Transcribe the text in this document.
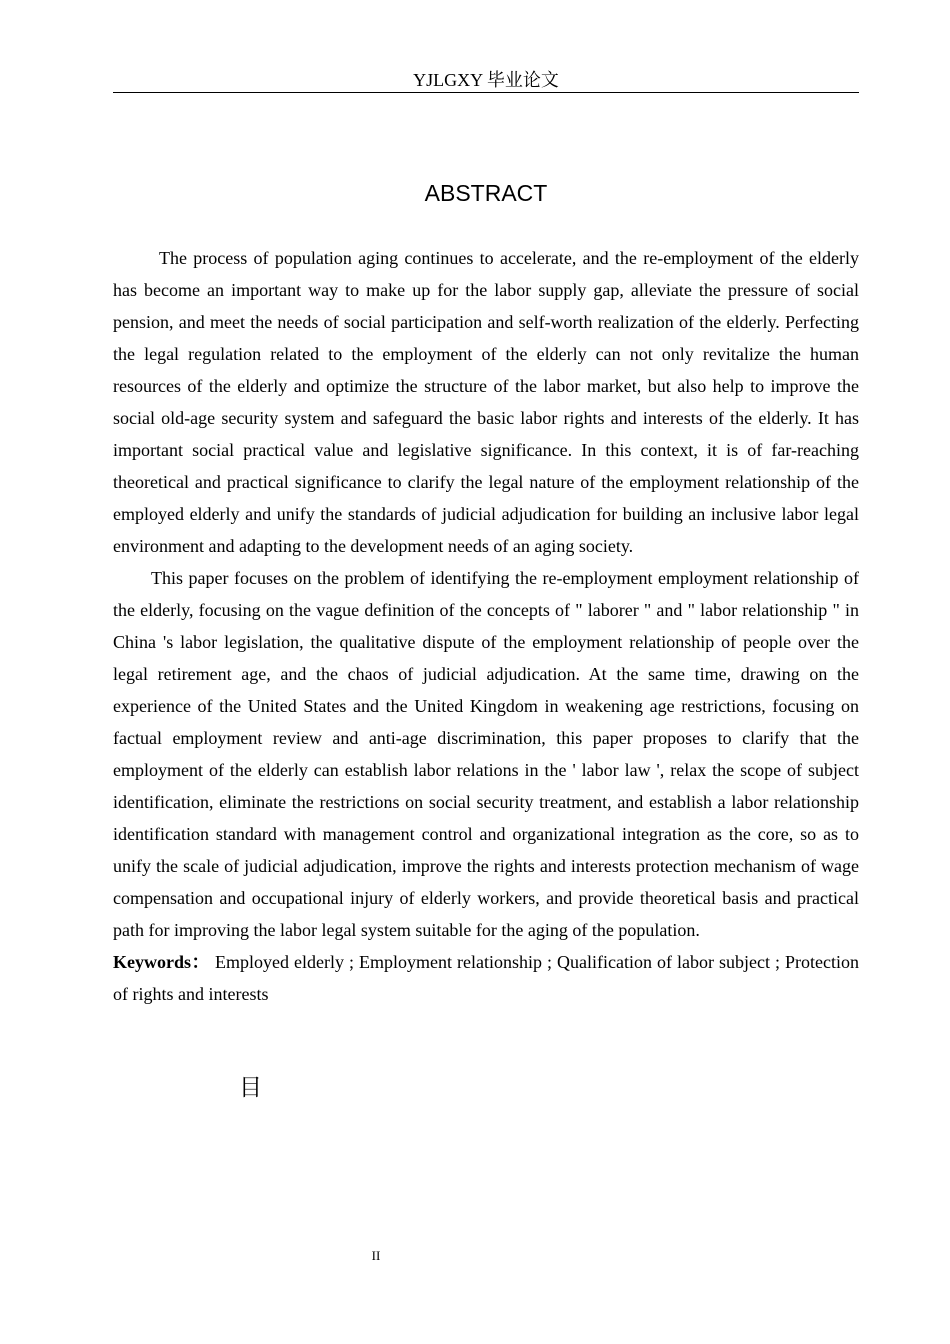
YJLGXY 毕业论文
ABSTRACT

The process of population aging continues to accelerate, and the re-employment of the elderly has become an important way to make up for the labor supply gap, alleviate the pressure of social pension, and meet the needs of social participation and self-worth realization of the elderly. Perfecting the legal regulation related to the employment of the elderly can not only revitalize the human resources of the elderly and optimize the structure of the labor market, but also help to improve the social old-age security system and safeguard the basic labor rights and interests of the elderly. It has important social practical value and legislative significance. In this context, it is of far-reaching theoretical and practical significance to clarify the legal nature of the employment relationship of the employed elderly and unify the standards of judicial adjudication for building an inclusive labor legal environment and adapting to the development needs of an aging society.

This paper focuses on the problem of identifying the re-employment employment relationship of the elderly, focusing on the vague definition of the concepts of " laborer " and " labor relationship " in China 's labor legislation, the qualitative dispute of the employment relationship of people over the legal retirement age, and the chaos of judicial adjudication. At the same time, drawing on the experience of the United States and the United Kingdom in weakening age restrictions, focusing on factual employment review and anti-age discrimination, this paper proposes to clarify that the employment of the elderly can establish labor relations in the ' labor law ', relax the scope of subject identification, eliminate the restrictions on social security treatment, and establish a labor relationship identification standard with management control and organizational integration as the core, so as to unify the scale of judicial adjudication, improve the rights and interests protection mechanism of wage compensation and occupational injury of elderly workers, and provide theoretical basis and practical path for improving the labor legal system suitable for the aging of the population.

Keywords： Employed elderly ; Employment relationship ; Qualification of labor subject ; Protection of rights and interests

目
II
